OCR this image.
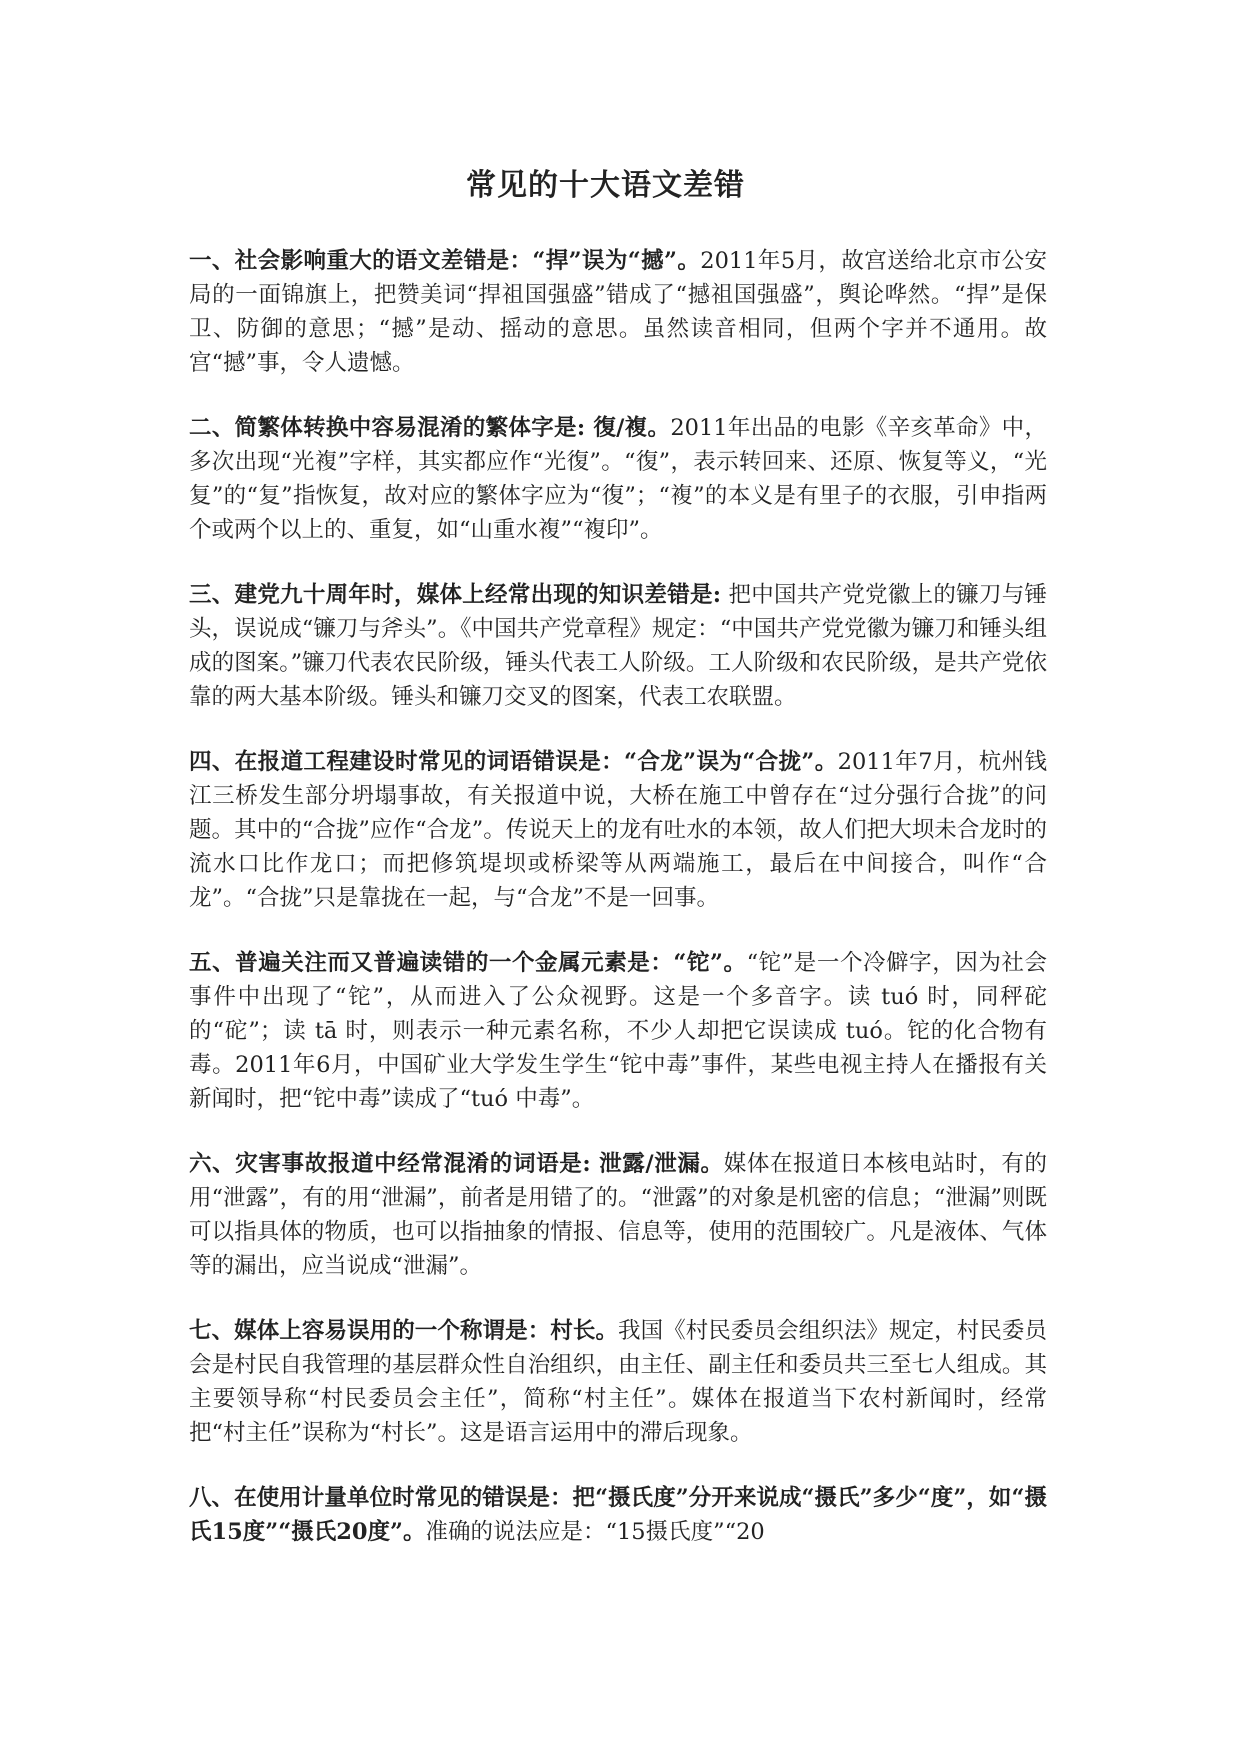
常见的十大语文差错

一、社会影响重大的语文差错是：“捍”误为“撼”。2011年5月，故宫送给北京市公安局的一面锦旗上，把赞美词“捍祖国强盛”错成了“撼祖国强盛”，舆论哗然。“捍”是保卫、防御的意思；“撼”是动、摇动的意思。虽然读音相同，但两个字并不通用。故宫“撼”事，令人遗憾。

二、简繁体转换中容易混淆的繁体字是: 復/複。2011年出品的电影《辛亥革命》中，多次出现“光複”字样，其实都应作“光復”。“復”，表示转回来、还原、恢复等义，“光复”的“复”指恢复，故对应的繁体字应为“復”；“複”的本义是有里子的衣服，引申指两个或两个以上的、重复，如“山重水複”“複印”。

三、建党九十周年时，媒体上经常出现的知识差错是: 把中国共产党党徽上的镰刀与锤头，误说成“镰刀与斧头”。《中国共产党章程》规定：“中国共产党党徽为镰刀和锤头组成的图案。”镰刀代表农民阶级，锤头代表工人阶级。工人阶级和农民阶级，是共产党依靠的两大基本阶级。锤头和镰刀交叉的图案，代表工农联盟。

四、在报道工程建设时常见的词语错误是：“合龙”误为“合拢”。2011年7月，杭州钱江三桥发生部分坍塌事故，有关报道中说，大桥在施工中曾存在“过分强行合拢”的问题。其中的“合拢”应作“合龙”。传说天上的龙有吐水的本领，故人们把大坝未合龙时的流水口比作龙口；而把修筑堤坝或桥梁等从两端施工，最后在中间接合，叫作“合龙”。“合拢”只是靠拢在一起，与“合龙”不是一回事。

五、普遍关注而又普遍读错的一个金属元素是：“铊”。“铊”是一个冷僻字，因为社会事件中出现了“铊”，从而进入了公众视野。这是一个多音字。读 tuó 时，同秤砣的“砣”；读 tā 时，则表示一种元素名称，不少人却把它误读成 tuó。铊的化合物有毒。2011年6月，中国矿业大学发生学生“铊中毒”事件，某些电视主持人在播报有关新闻时，把“铊中毒”读成了“tuó 中毒”。

六、灾害事故报道中经常混淆的词语是: 泄露/泄漏。媒体在报道日本核电站时，有的用“泄露”，有的用“泄漏”，前者是用错了的。“泄露”的对象是机密的信息；“泄漏”则既可以指具体的物质，也可以指抽象的情报、信息等，使用的范围较广。凡是液体、气体等的漏出，应当说成“泄漏”。

七、媒体上容易误用的一个称谓是：村长。我国《村民委员会组织法》规定，村民委员会是村民自我管理的基层群众性自治组织，由主任、副主任和委员共三至七人组成。其主要领导称“村民委员会主任”，简称“村主任”。媒体在报道当下农村新闻时，经常把“村主任”误称为“村长”。这是语言运用中的滞后现象。

八、在使用计量单位时常见的错误是：把“摄氏度”分开来说成“摄氏”多少“度”，如“摄氏15度”“摄氏20度”。准确的说法应是：“15摄氏度”“20
